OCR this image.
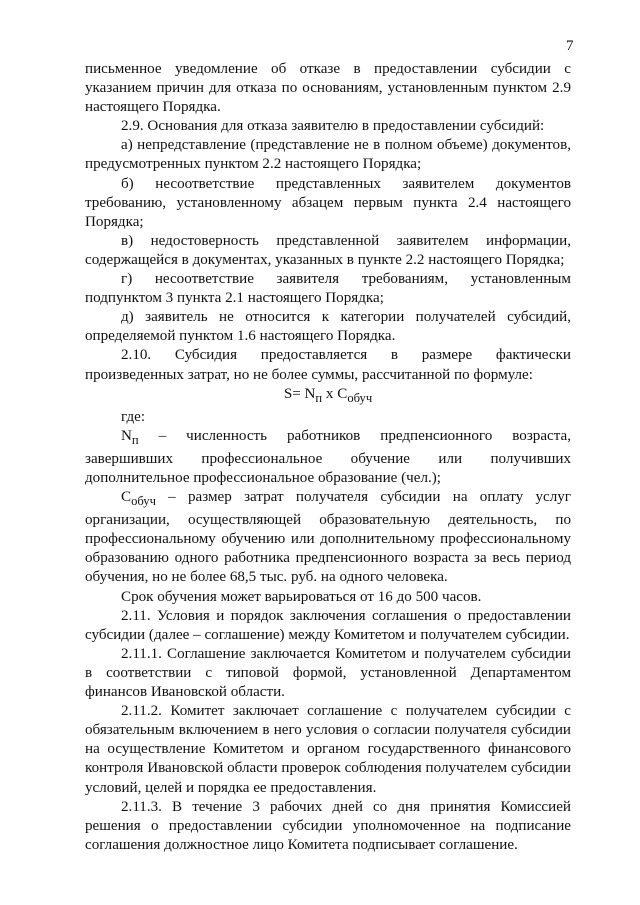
7

письменное уведомление об отказе в предоставлении субсидии с указанием причин для отказа по основаниям, установленным пунктом 2.9 настоящего Порядка.

2.9. Основания для отказа заявителю в предоставлении субсидий:

а) непредставление (представление не в полном объеме) документов, предусмотренных пунктом 2.2 настоящего Порядка;

б) несоответствие представленных заявителем документов требованию, установленному абзацем первым пункта 2.4 настоящего Порядка;

в) недостоверность представленной заявителем информации, содержащейся в документах, указанных в пункте 2.2 настоящего Порядка;

г) несоответствие заявителя требованиям, установленным подпунктом 3 пункта 2.1 настоящего Порядка;

д) заявитель не относится к категории получателей субсидий, определяемой пунктом 1.6 настоящего Порядка.

2.10. Субсидия предоставляется в размере фактически произведенных затрат, но не более суммы, рассчитанной по формуле:

$S= N_п$ х $C_{обуч}$

где:

$N_п$ – численность работников предпенсионного возраста, завершивших профессиональное обучение или получивших дополнительное профессиональное образование (чел.);

$C_{обуч}$ – размер затрат получателя субсидии на оплату услуг организации, осуществляющей образовательную деятельность, по профессиональному обучению или дополнительному профессиональному образованию одного работника предпенсионного возраста за весь период обучения, но не более 68,5 тыс. руб. на одного человека.

Срок обучения может варьироваться от 16 до 500 часов.

2.11. Условия и порядок заключения соглашения о предоставлении субсидии (далее – соглашение) между Комитетом и получателем субсидии.

2.11.1. Соглашение заключается Комитетом и получателем субсидии в соответствии с типовой формой, установленной Департаментом финансов Ивановской области.

2.11.2. Комитет заключает соглашение с получателем субсидии с обязательным включением в него условия о согласии получателя субсидии на осуществление Комитетом и органом государственного финансового контроля Ивановской области проверок соблюдения получателем субсидии условий, целей и порядка ее предоставления.

2.11.3. В течение 3 рабочих дней со дня принятия Комиссией решения о предоставлении субсидии уполномоченное на подписание соглашения должностное лицо Комитета подписывает соглашение.
